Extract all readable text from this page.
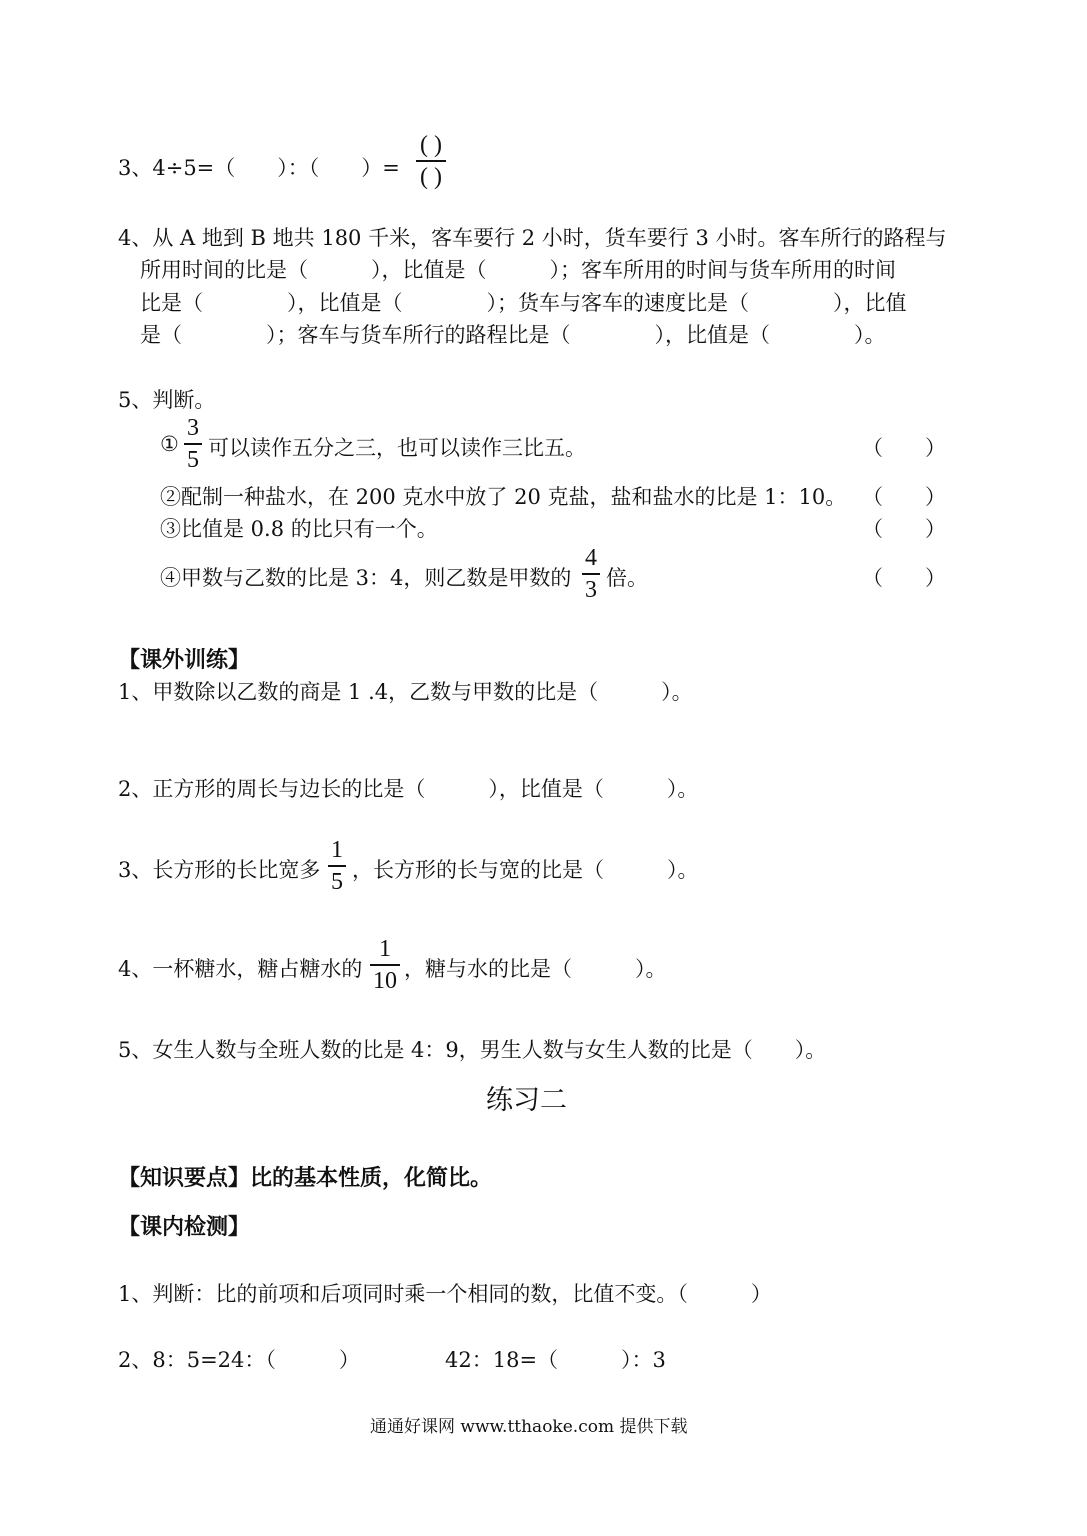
3、4÷5=（　　）：（　　）=
( )
( )
4、从 A 地到 B 地共 180 千米，客车要行 2 小时，货车要行 3 小时。客车所行的路程与
所用时间的比是（　　　），比值是（　　　）；客车所用的时间与货车所用的时间
比是（　　　　），比值是（　　　　）；货车与客车的速度比是（　　　　），比值
是（　　　　）；客车与货车所行的路程比是（　　　　），比值是（　　　　）。
5、判断。
①
3
5 可以读作五分之三，也可以读作三比五。	（　　）
②配制一种盐水，在 200 克水中放了 20 克盐，盐和盐水的比是 1：10。 （　　）
③比值是 0.8 的比只有一个。	（　　）
④甲数与乙数的比是 3：4，则乙数是甲数的
4
3 倍。	（　　）
【课外训练】
1、甲数除以乙数的商是 1 .4，乙数与甲数的比是（　　　）。
2、正方形的周长与边长的比是（　　　），比值是（　　　）。
3、长方形的长比宽多
1
5 ，长方形的长与宽的比是（　　　）。
4、一杯糖水，糖占糖水的
1
10 ，糖与水的比是（　　　）。
5、女生人数与全班人数的比是 4：9，男生人数与女生人数的比是（　　）。
练习二
【知识要点】比的基本性质，化简比。
【课内检测】
1、判断：比的前项和后项同时乘一个相同的数，比值不变。（　　　）
2、8：5=24：（　　　）	42：18=（　　　）：3
通通好课网 www.tthaoke.com 提供下载
